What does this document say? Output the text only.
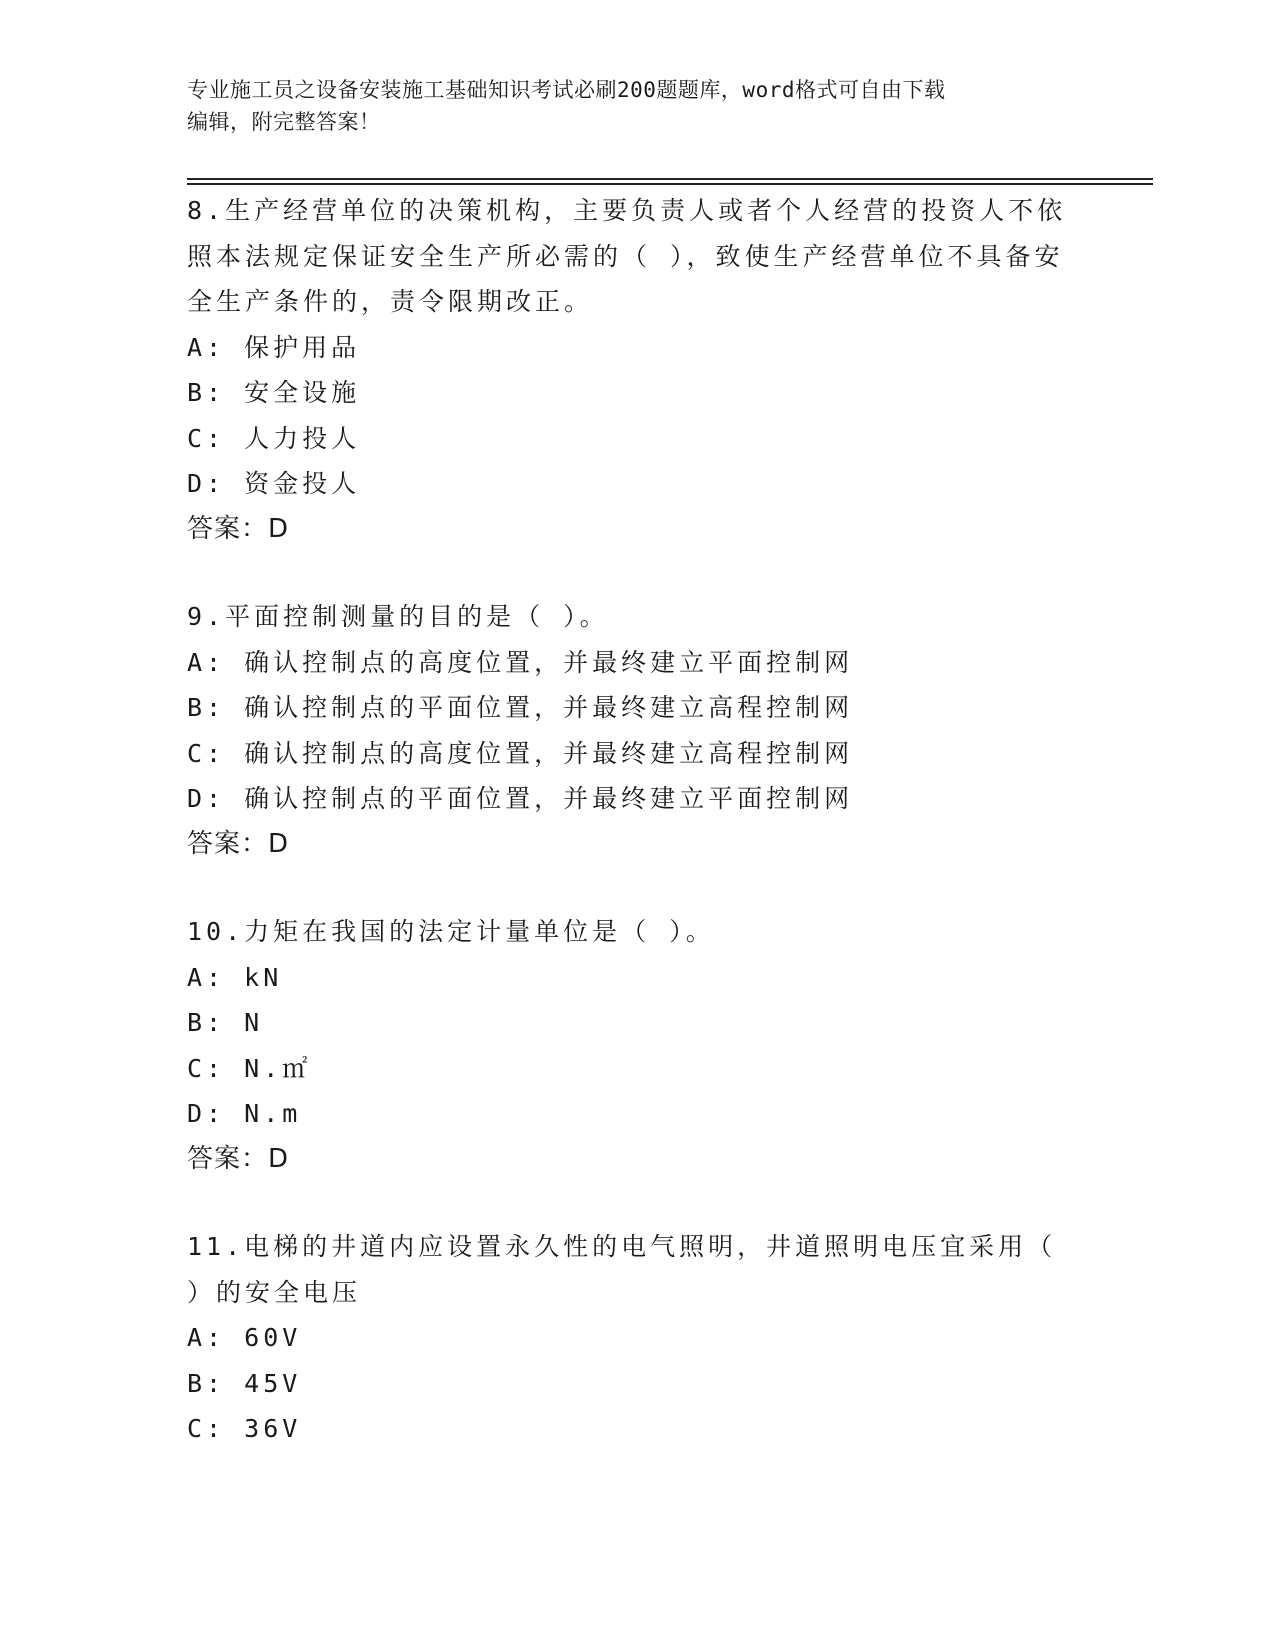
专业施工员之设备安装施工基础知识考试必刷200题题库，word格式可自由下载
编辑，附完整答案！
8.生产经营单位的决策机构，主要负责人或者个人经营的投资人不依照本法规定保证安全生产所必需的（ ），致使生产经营单位不具备安全生产条件的，责令限期改正。
A: 保护用品
B: 安全设施
C: 人力投人
D: 资金投人
答案：D
9.平面控制测量的目的是（ ）。
A: 确认控制点的高度位置，并最终建立平面控制网
B: 确认控制点的平面位置，并最终建立高程控制网
C: 确认控制点的高度位置，并最终建立高程控制网
D: 确认控制点的平面位置，并最终建立平面控制网
答案：D
10.力矩在我国的法定计量单位是（ ）。
A: kN
B: N
C: N.㎡
D: N.m
答案：D
11.电梯的井道内应设置永久性的电气照明，井道照明电压宜采用（ ）的安全电压
A: 60V
B: 45V
C: 36V
